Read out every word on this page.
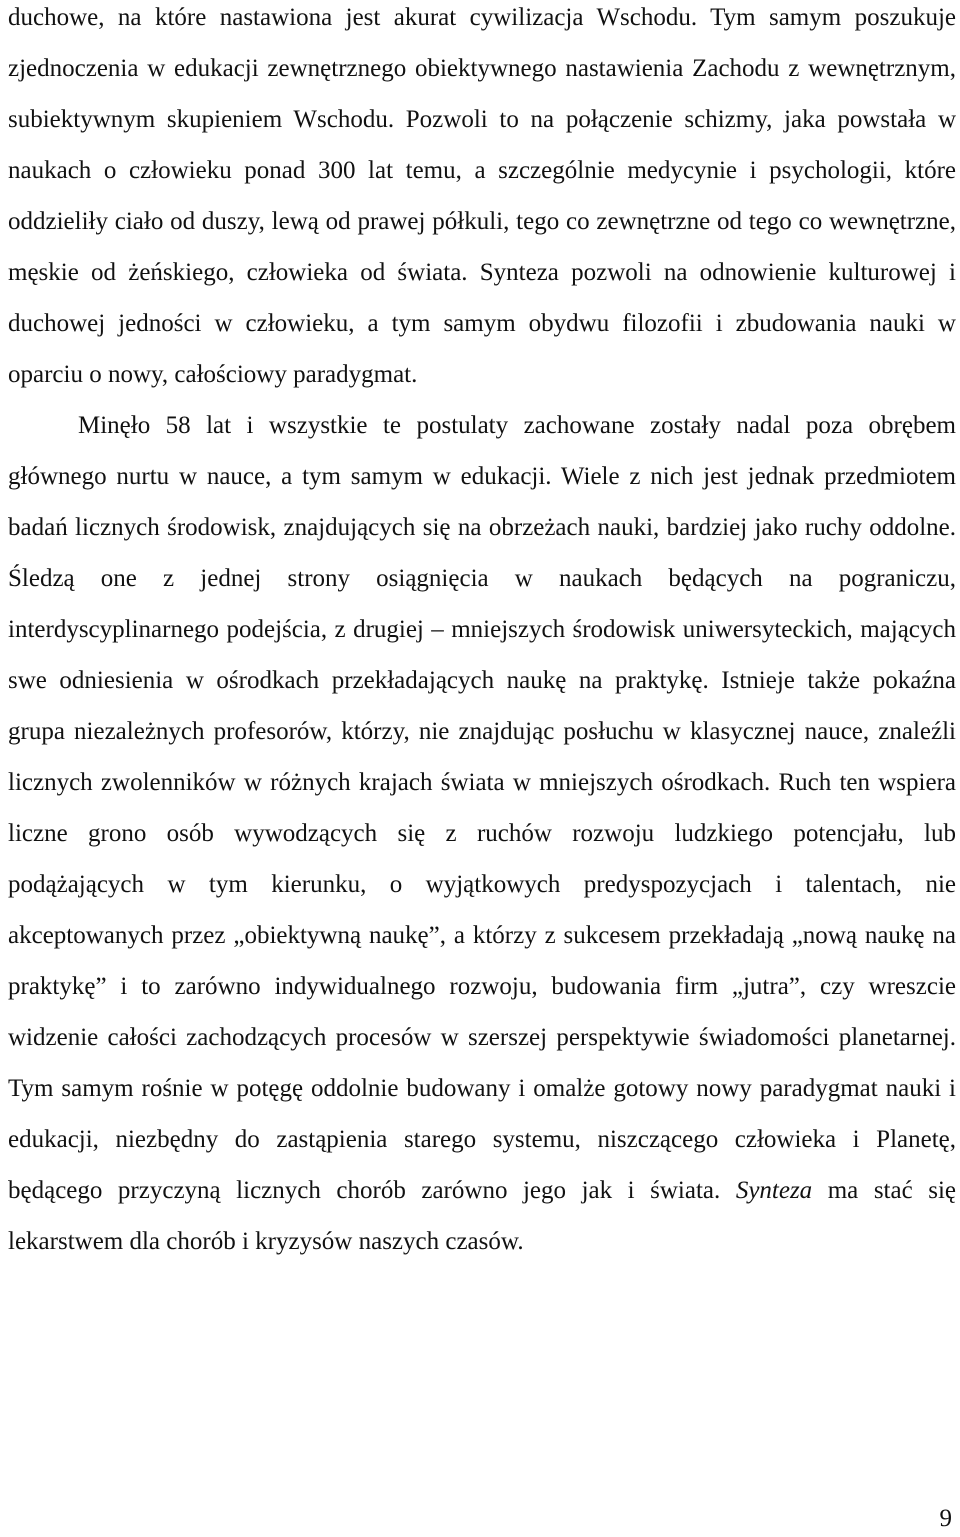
duchowe, na które nastawiona jest akurat cywilizacja Wschodu. Tym samym poszukuje zjednoczenia w edukacji zewnętrznego obiektywnego nastawienia Zachodu z wewnętrznym, subiektywnym skupieniem Wschodu. Pozwoli to na połączenie schizmy, jaka powstała w naukach o człowieku ponad 300 lat temu, a szczególnie medycynie i psychologii, które oddzieliły ciało od duszy, lewą od prawej półkuli, tego co zewnętrzne od tego co wewnętrzne, męskie od żeńskiego, człowieka od świata. Synteza pozwoli na odnowienie kulturowej i duchowej jedności w człowieku, a tym samym obydwu filozofii i zbudowania nauki w oparciu o nowy, całościowy paradygmat.

Minęło 58 lat i wszystkie te postulaty zachowane zostały nadal poza obrębem głównego nurtu w nauce, a tym samym w edukacji. Wiele z nich jest jednak przedmiotem badań licznych środowisk, znajdujących się na obrzeżach nauki, bardziej jako ruchy oddolne. Śledzą one z jednej strony osiągnięcia w naukach będących na pograniczu, interdyscyplinarnego podejścia, z drugiej – mniejszych środowisk uniwersyteckich, mających swe odniesienia w ośrodkach przekładających naukę na praktykę. Istnieje także pokaźna grupa niezależnych profesorów, którzy, nie znajdując posłuchu w klasycznej nauce, znaleźli licznych zwolenników w różnych krajach świata w mniejszych ośrodkach. Ruch ten wspiera liczne grono osób wywodzących się z ruchów rozwoju ludzkiego potencjału, lub podążających w tym kierunku, o wyjątkowych predyspozycjach i talentach, nie akceptowanych przez „obiektywną naukę”, a którzy z sukcesem przekładają „nową naukę na praktykę” i to zarówno indywidualnego rozwoju, budowania firm „jutra”, czy wreszcie widzenie całości zachodzących procesów w szerszej perspektywie świadomości planetarnej. Tym samym rośnie w potęgę oddolnie budowany i omalże gotowy nowy paradygmat nauki i edukacji, niezbędny do zastąpienia starego systemu, niszczącego człowieka i Planetę, będącego przyczyną licznych chorób zarówno jego jak i świata. Synteza ma stać się lekarstwem dla chorób i kryzysów naszych czasów.

9
